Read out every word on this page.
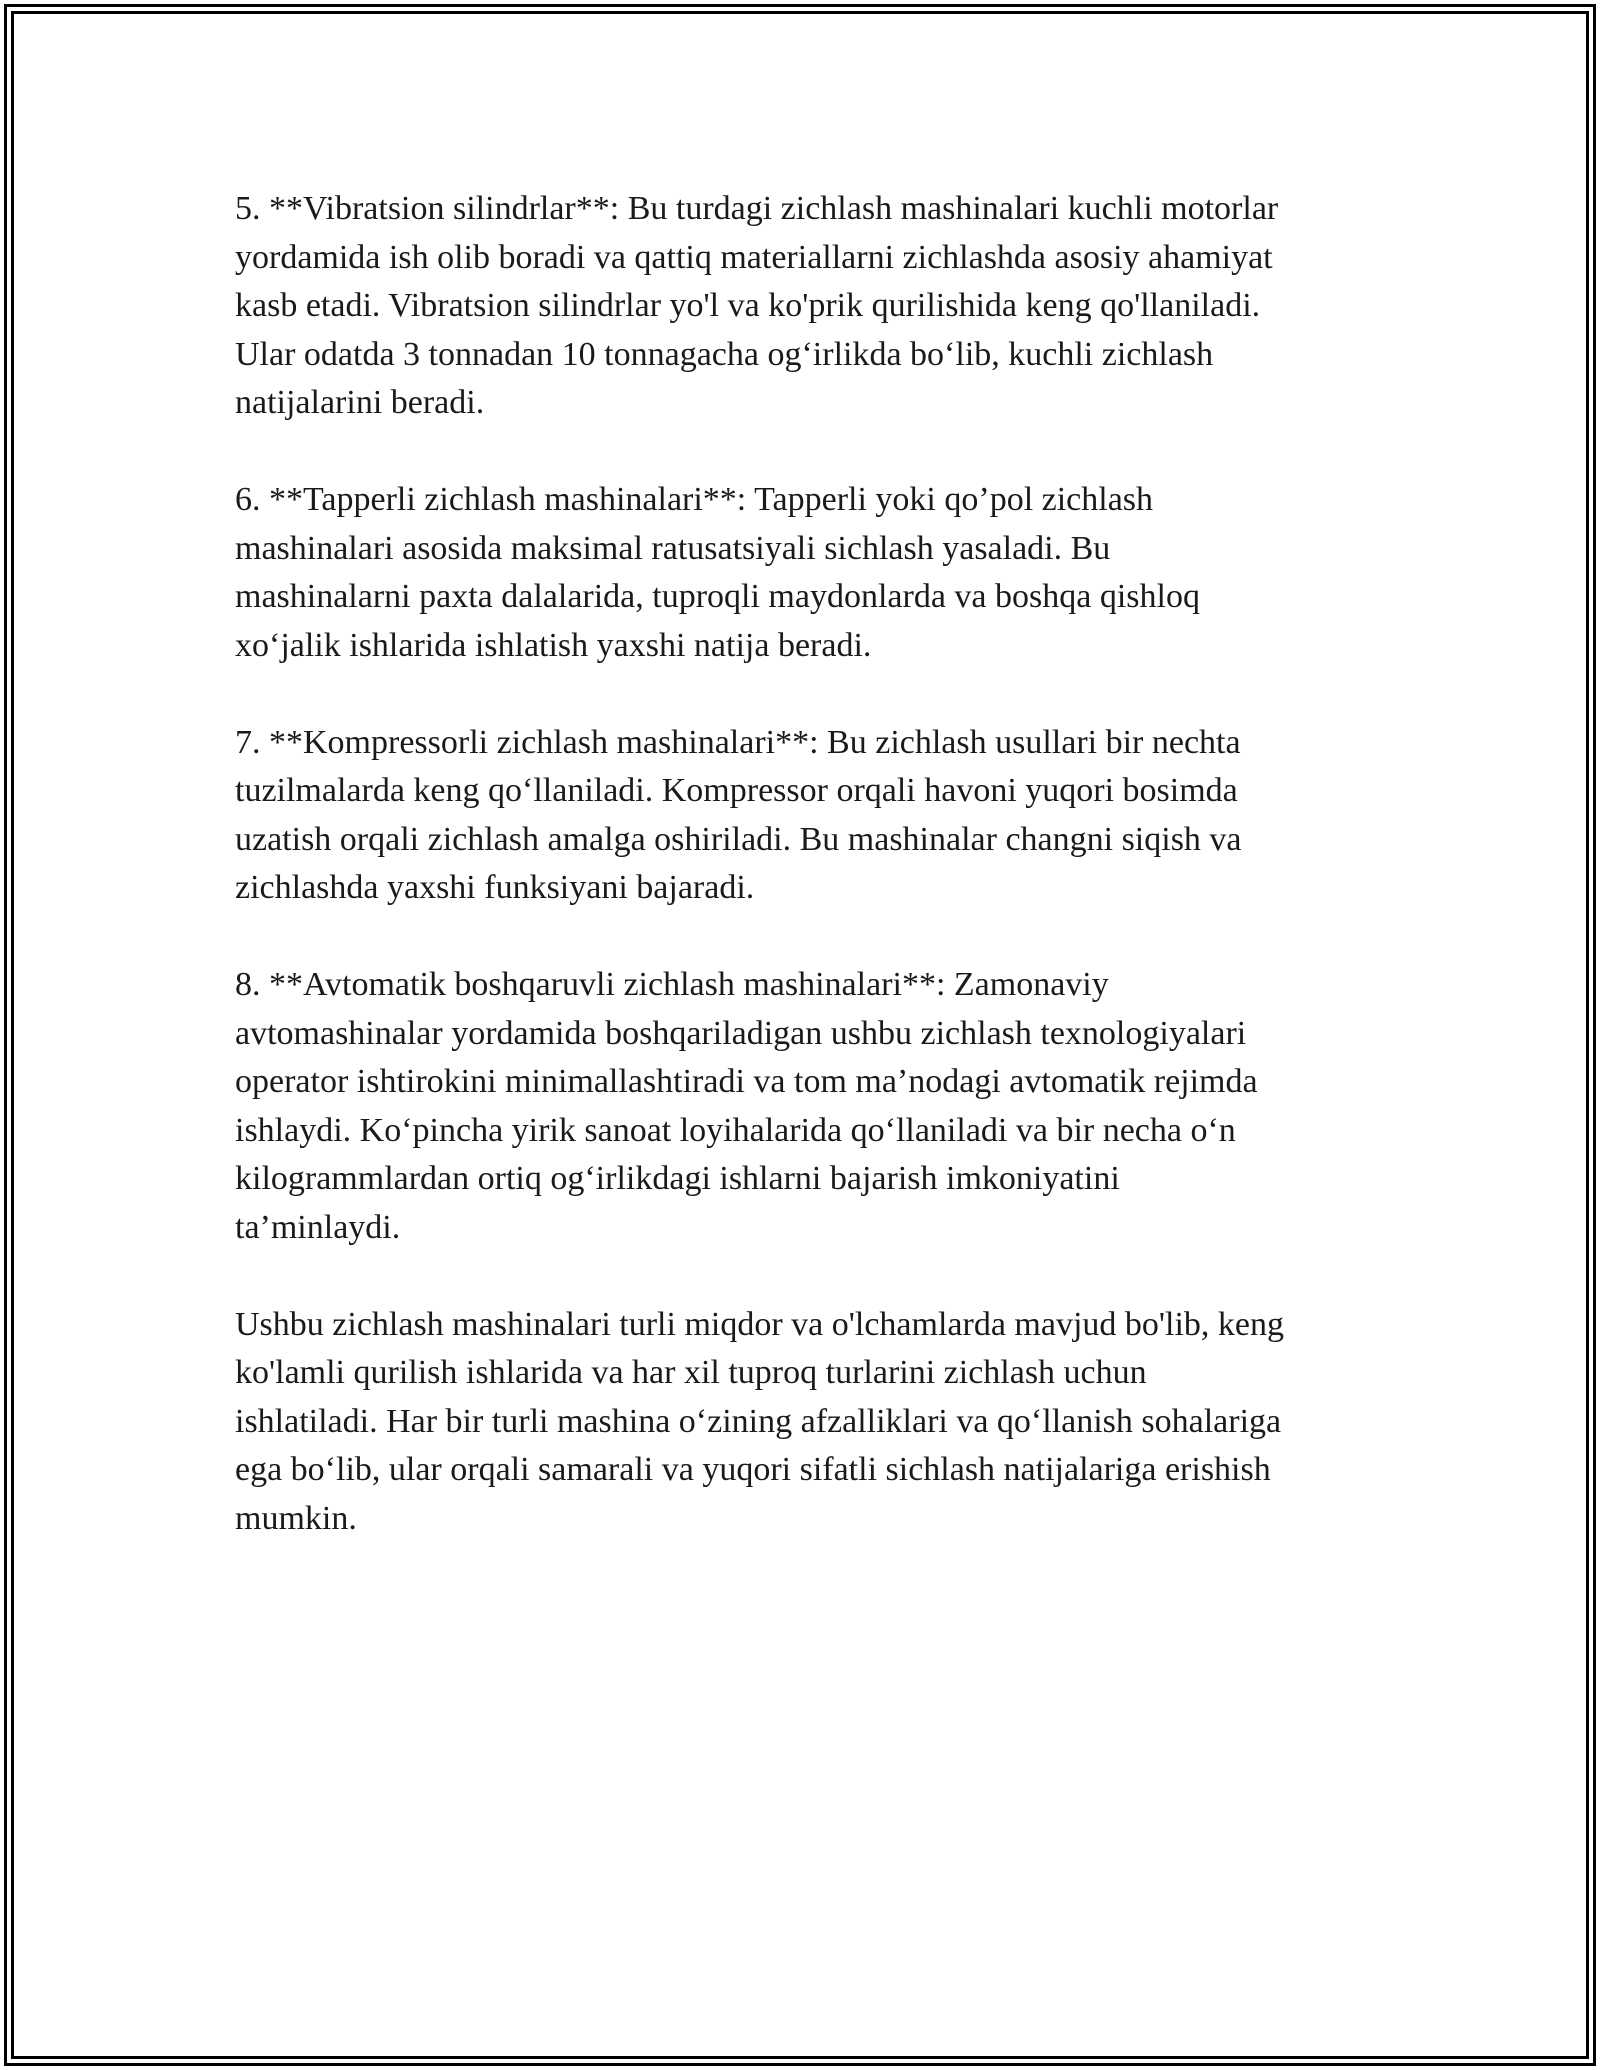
5. **Vibratsion silindrlar**: Bu turdagi zichlash mashinalari kuchli motorlar
yordamida ish olib boradi va qattiq materiallarni zichlashda asosiy ahamiyat
kasb etadi. Vibratsion silindrlar yo'l va ko'prik qurilishida keng qo'llaniladi.
Ular odatda 3 tonnadan 10 tonnagacha og‘irlikda bo‘lib, kuchli zichlash
natijalarini beradi.

6. **Tapperli zichlash mashinalari**: Tapperli yoki qo’pol zichlash
mashinalari asosida maksimal ratusatsiyali sichlash yasaladi. Bu
mashinalarni paxta dalalarida, tuproqli maydonlarda va boshqa qishloq
xo‘jalik ishlarida ishlatish yaxshi natija beradi.

7. **Kompressorli zichlash mashinalari**: Bu zichlash usullari bir nechta
tuzilmalarda keng qo‘llaniladi. Kompressor orqali havoni yuqori bosimda
uzatish orqali zichlash amalga oshiriladi. Bu mashinalar changni siqish va
zichlashda yaxshi funksiyani bajaradi.

8. **Avtomatik boshqaruvli zichlash mashinalari**: Zamonaviy
avtomashinalar yordamida boshqariladigan ushbu zichlash texnologiyalari
operator ishtirokini minimallashtiradi va tom ma’nodagi avtomatik rejimda
ishlaydi. Ko‘pincha yirik sanoat loyihalarida qo‘llaniladi va bir necha o‘n
kilogrammlardan ortiq og‘irlikdagi ishlarni bajarish imkoniyatini
ta’minlaydi.

Ushbu zichlash mashinalari turli miqdor va o'lchamlarda mavjud bo'lib, keng
ko'lamli qurilish ishlarida va har xil tuproq turlarini zichlash uchun
ishlatiladi. Har bir turli mashina o‘zining afzalliklari va qo‘llanish sohalariga
ega bo‘lib, ular orqali samarali va yuqori sifatli sichlash natijalariga erishish
mumkin.
